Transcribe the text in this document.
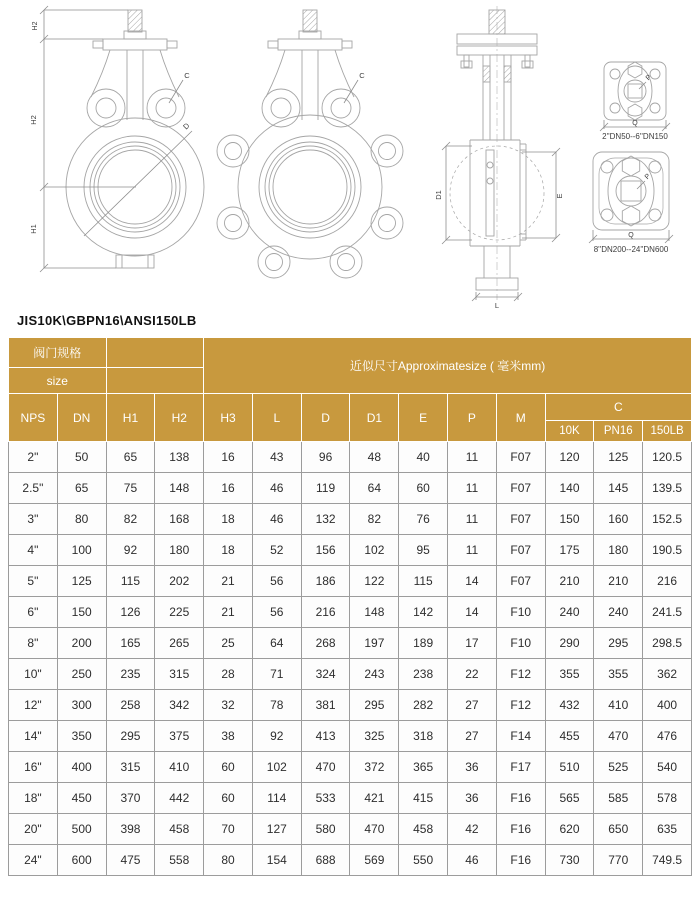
H2
H2
H1
C
D
C
D1	E
L
P
Q
2''DN50--6''DN150
P
Q
8''DN200--24''DN600
JIS10K\GBPN16\ANSI150LB
阀门规格				近似尺寸Approximatesize ( 毫米mm)									
size													
NPS	DN	H1	H2	H3	L	D	D1	E	P	M	C		
											10K	PN16	150LB
2"	50	65	138	16	43	96	48	40	11	F07	120	125	120.5
2.5"	65	75	148	16	46	119	64	60	11	F07	140	145	139.5
3"	80	82	168	18	46	132	82	76	11	F07	150	160	152.5
4"	100	92	180	18	52	156	102	95	11	F07	175	180	190.5
5"	125	115	202	21	56	186	122	115	14	F07	210	210	216
6"	150	126	225	21	56	216	148	142	14	F10	240	240	241.5
8"	200	165	265	25	64	268	197	189	17	F10	290	295	298.5
10"	250	235	315	28	71	324	243	238	22	F12	355	355	362
12"	300	258	342	32	78	381	295	282	27	F12	432	410	400
14"	350	295	375	38	92	413	325	318	27	F14	455	470	476
16"	400	315	410	60	102	470	372	365	36	F17	510	525	540
18"	450	370	442	60	114	533	421	415	36	F16	565	585	578
20"	500	398	458	70	127	580	470	458	42	F16	620	650	635
24"	600	475	558	80	154	688	569	550	46	F16	730	770	749.5
